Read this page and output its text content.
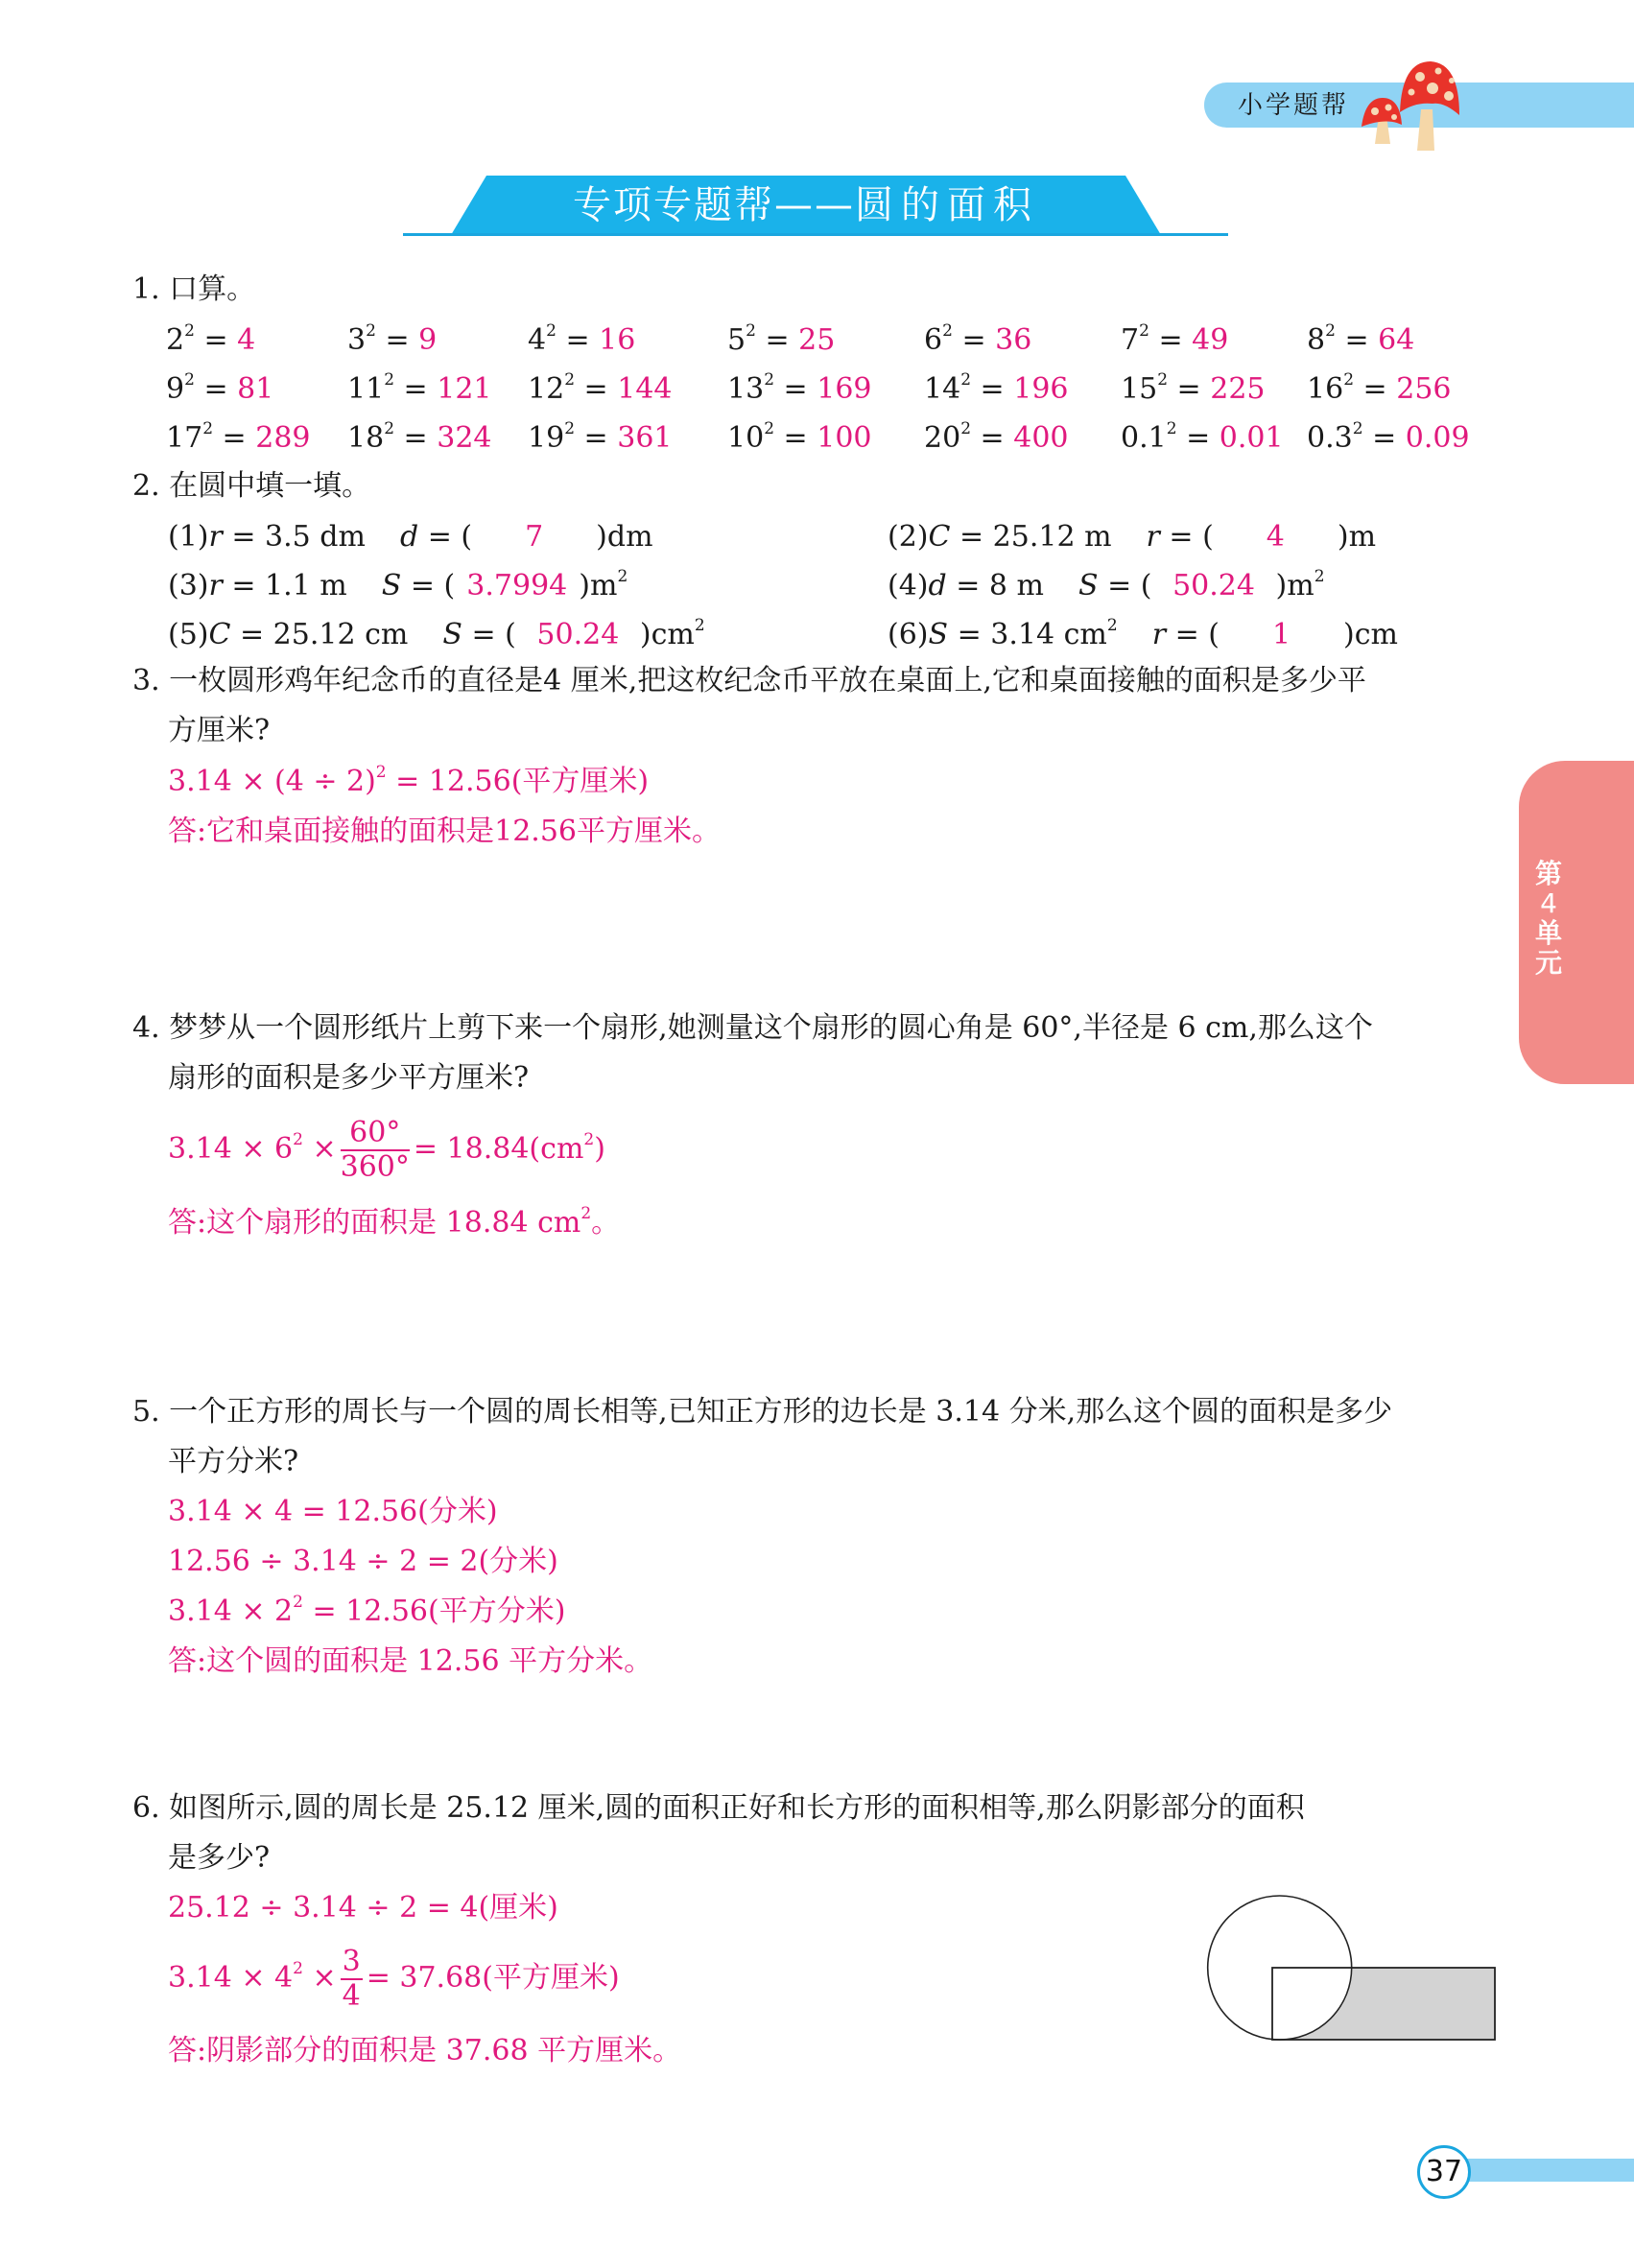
小学题帮
专项专题帮——圆的面积
第
4
单
元
1. 口算。
$2^2 = 4$	$3^2 = 9$	$4^2 = 16$	$5^2 = 25$	$6^2 = 36$	$7^2 = 49$	$8^2 = 64$
$9^2 = 81$	$11^2 = 121$ $12^2 = 144$ $13^2 = 169$ $14^2 = 196$ $15^2 = 225$ $16^2 = 256$
$17^2 = 289$ $18^2 = 324$ $19^2 = 361$ $10^2 = 100$ $20^2 = 400$ $0.1^2 = 0.01$ $0.3^2 = 0.09$
2. 在圆中填一填。
(1)r = 3.5 dm d = ( 7 )dm	(2)C = 25.12 m r = ( 4 )m
(3)r = 1.1 m S = ( 3.7994 )$m^2$	(4)d = 8 m S = ( 50.24 )$m^2$
(5)C = 25.12 cm S = ( 50.24 )$cm^2$	(6)S = 3.14 $cm^2$ r = ( 1 )cm
3. 一枚圆形鸡年纪念币的直径是4 厘米,把这枚纪念币平放在桌面上,它和桌面接触的面积是多少平
方厘米?
$3.14 \times (4 \div 2)^2 = 12.56$(平方厘米)
答:它和桌面接触的面积是12.56平方厘米。
4. 梦梦从一个圆形纸片上剪下来一个扇形,她测量这个扇形的圆心角是 60°,半径是 6 cm,那么这个
扇形的面积是多少平方厘米?
$3.14 \times 6^2 \times \frac{60^\circ}{360^\circ} = 18.84(cm^2)$
答:这个扇形的面积是 18.84 $cm^2$。
5. 一个正方形的周长与一个圆的周长相等,已知正方形的边长是 3.14 分米,那么这个圆的面积是多少
平方分米?
3.14 × 4 = 12.56(分米)
12.56 ÷ 3.14 ÷ 2 = 2(分米)
$3.14 \times 2^2 = 12.56$(平方分米)
答:这个圆的面积是 12.56 平方分米。
6. 如图所示,圆的周长是 25.12 厘米,圆的面积正好和长方形的面积相等,那么阴影部分的面积
是多少?
25.12 ÷ 3.14 ÷ 2 = 4(厘米)
$3.14 \times 4^2 \times \frac{3}{4} = 37.68$(平方厘米)
答:阴影部分的面积是 37.68 平方厘米。
37
